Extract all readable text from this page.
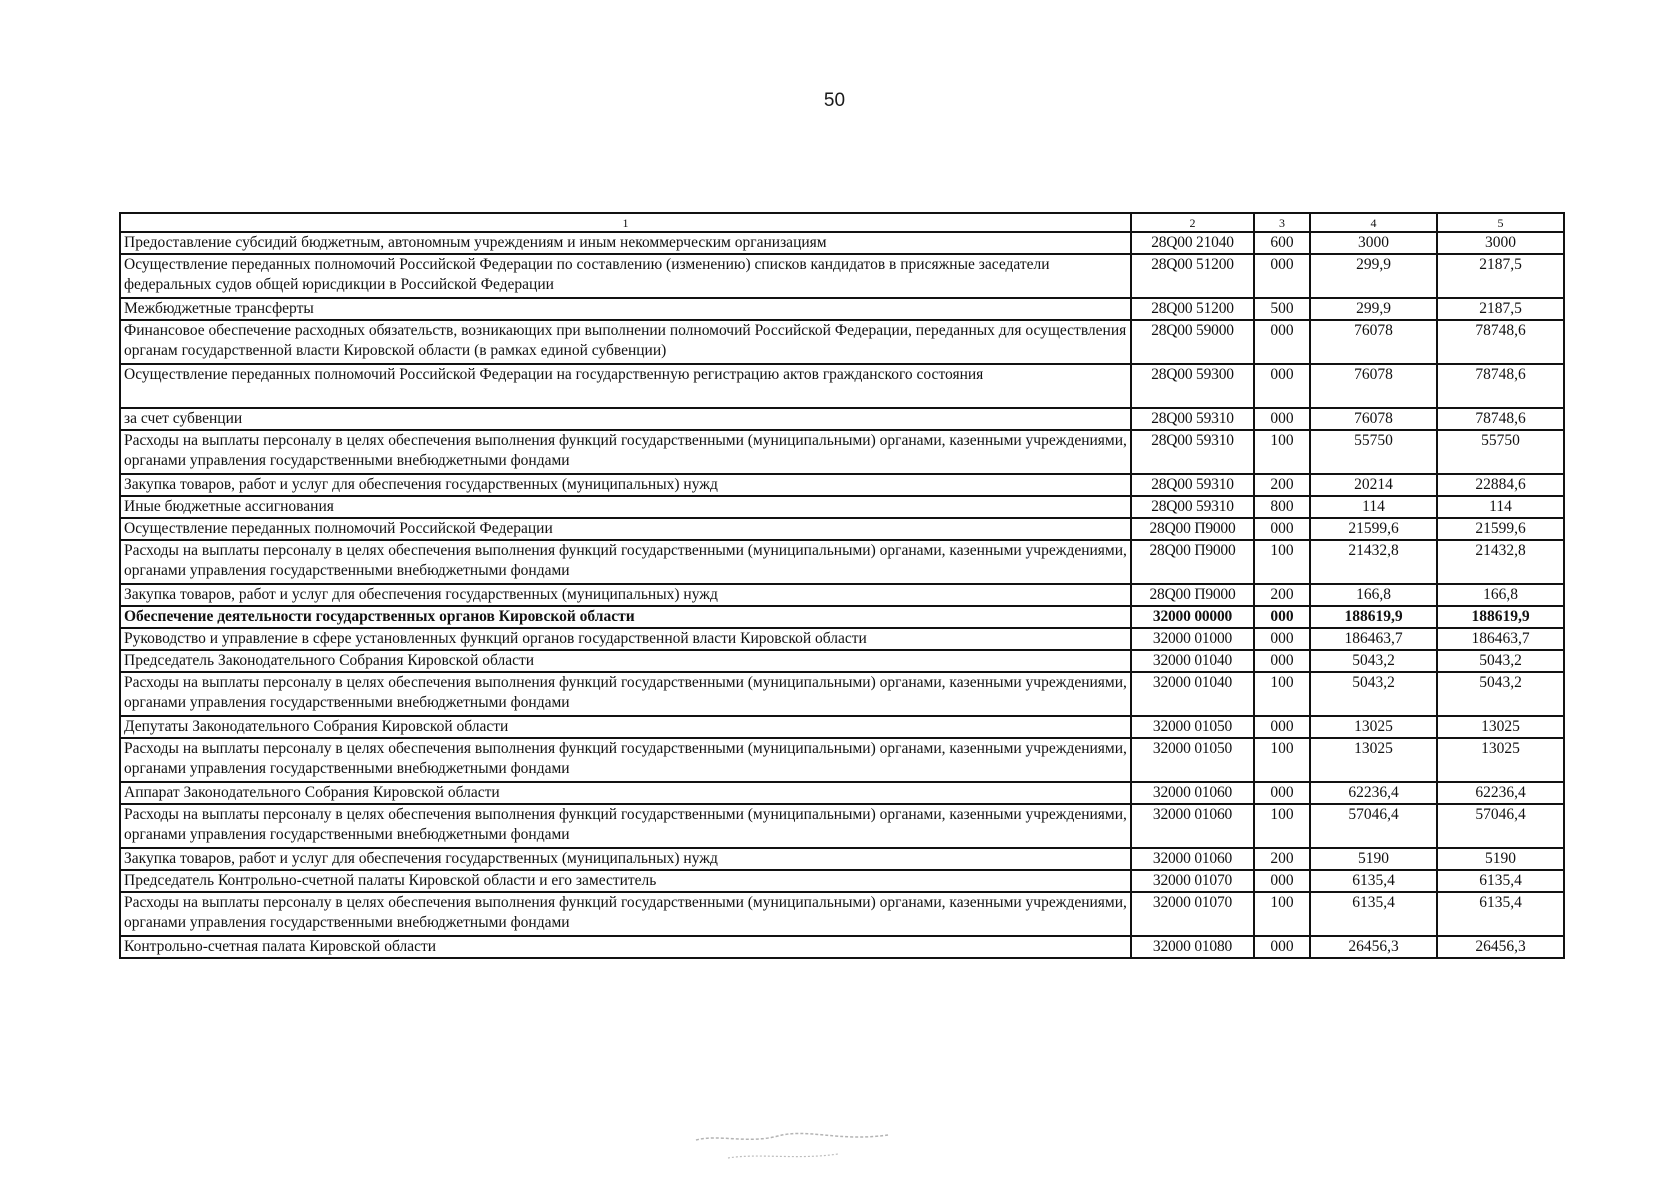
50
1	2	3	4	5
Предоставление субсидий бюджетным, автономным учреждениям и иным некоммерческим организациям	28Q00 21040	600	3000	3000
Осуществление переданных полномочий Российской Федерации по составлению (изменению) списков кандидатов в присяжные заседатели федеральных судов общей юрисдикции в Российской Федерации	28Q00 51200	000	299,9	2187,5
Межбюджетные трансферты	28Q00 51200	500	299,9	2187,5
Финансовое обеспечение расходных обязательств, возникающих при выполнении полномочий Российской Федерации, переданных для осуществления органам государственной власти Кировской области (в рамках единой субвенции)	28Q00 59000	000	76078	78748,6
Осуществление переданных полномочий Российской Федерации на государственную регистрацию актов гражданского состояния	28Q00 59300	000	76078	78748,6
за счет субвенции	28Q00 59310	000	76078	78748,6
Расходы на выплаты персоналу в целях обеспечения выполнения функций государственными (муниципальными) органами, казенными учреждениями, органами управления государственными внебюджетными фондами	28Q00 59310	100	55750	55750
Закупка товаров, работ и услуг для обеспечения государственных (муниципальных) нужд	28Q00 59310	200	20214	22884,6
Иные бюджетные ассигнования	28Q00 59310	800	114	114
Осуществление переданных полномочий Российской Федерации	28Q00 П9000	000	21599,6	21599,6
Расходы на выплаты персоналу в целях обеспечения выполнения функций государственными (муниципальными) органами, казенными учреждениями, органами управления государственными внебюджетными фондами	28Q00 П9000	100	21432,8	21432,8
Закупка товаров, работ и услуг для обеспечения государственных (муниципальных) нужд	28Q00 П9000	200	166,8	166,8
Обеспечение деятельности государственных органов Кировской области	32000 00000	000	188619,9	188619,9
Руководство и управление в сфере установленных функций органов государственной власти Кировской области	32000 01000	000	186463,7	186463,7
Председатель Законодательного Собрания Кировской области	32000 01040	000	5043,2	5043,2
Расходы на выплаты персоналу в целях обеспечения выполнения функций государственными (муниципальными) органами, казенными учреждениями, органами управления государственными внебюджетными фондами	32000 01040	100	5043,2	5043,2
Депутаты Законодательного Собрания Кировской области	32000 01050	000	13025	13025
Расходы на выплаты персоналу в целях обеспечения выполнения функций государственными (муниципальными) органами, казенными учреждениями, органами управления государственными внебюджетными фондами	32000 01050	100	13025	13025
Аппарат Законодательного Собрания Кировской области	32000 01060	000	62236,4	62236,4
Расходы на выплаты персоналу в целях обеспечения выполнения функций государственными (муниципальными) органами, казенными учреждениями, органами управления государственными внебюджетными фондами	32000 01060	100	57046,4	57046,4
Закупка товаров, работ и услуг для обеспечения государственных (муниципальных) нужд	32000 01060	200	5190	5190
Председатель Контрольно-счетной палаты Кировской области и его заместитель	32000 01070	000	6135,4	6135,4
Расходы на выплаты персоналу в целях обеспечения выполнения функций государственными (муниципальными) органами, казенными учреждениями, органами управления государственными внебюджетными фондами	32000 01070	100	6135,4	6135,4
Контрольно-счетная палата Кировской области	32000 01080	000	26456,3	26456,3
